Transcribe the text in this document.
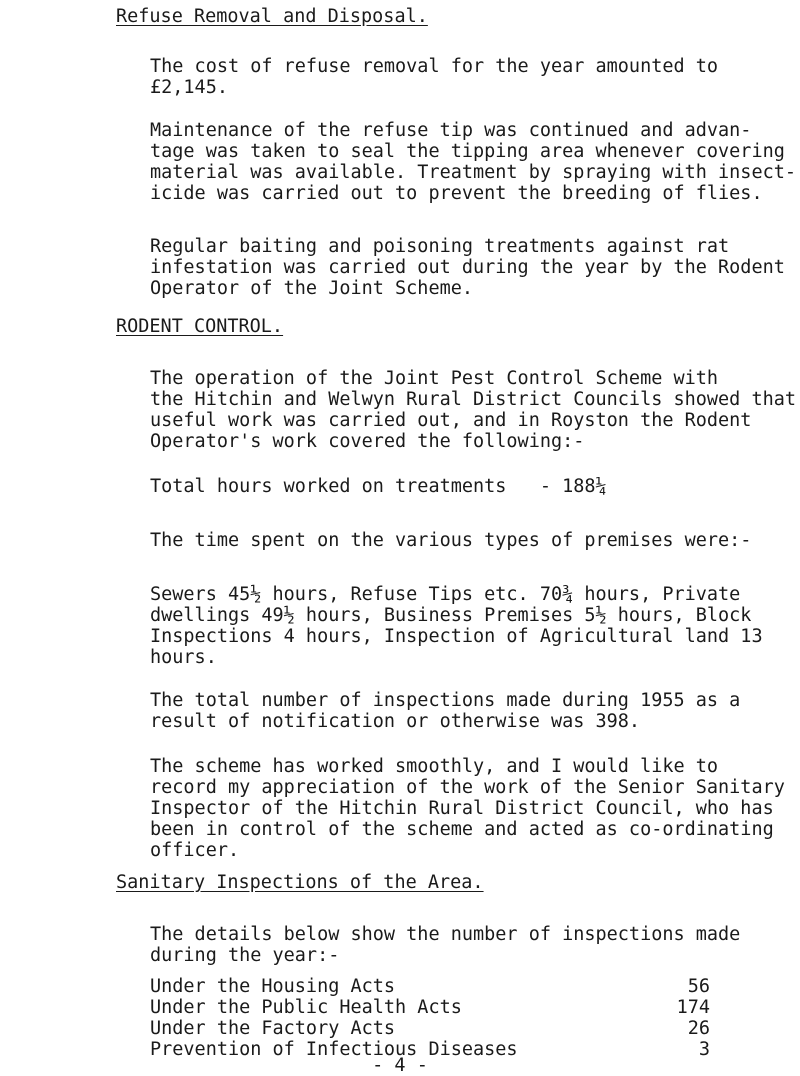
Refuse Removal and Disposal.
The cost of refuse removal for the year amounted to
£2,145.
Maintenance of the refuse tip was continued and advan-
tage was taken to seal the tipping area whenever covering
material was available. Treatment by spraying with insect-
icide was carried out to prevent the breeding of flies.
Regular baiting and poisoning treatments against rat
infestation was carried out during the year by the Rodent
Operator of the Joint Scheme.
RODENT CONTROL.
The operation of the Joint Pest Control Scheme with
the Hitchin and Welwyn Rural District Councils showed that
useful work was carried out, and in Royston the Rodent
Operator's work covered the following:-
Total hours worked on treatments   - 188¼
The time spent on the various types of premises were:-
Sewers 45½ hours, Refuse Tips etc. 70¾ hours, Private
dwellings 49½ hours, Business Premises 5½ hours, Block
Inspections 4 hours, Inspection of Agricultural land 13
hours.
The total number of inspections made during 1955 as a
result of notification or otherwise was 398.
The scheme has worked smoothly, and I would like to
record my appreciation of the work of the Senior Sanitary
Inspector of the Hitchin Rural District Council, who has
been in control of the scheme and acted as co-ordinating
officer.
Sanitary Inspections of the Area.
The details below show the number of inspections made
during the year:-
Under the Housing Acts	56
Under the Public Health Acts	174
Under the Factory Acts	26
Prevention of Infectious Diseases	3
- 4 -
